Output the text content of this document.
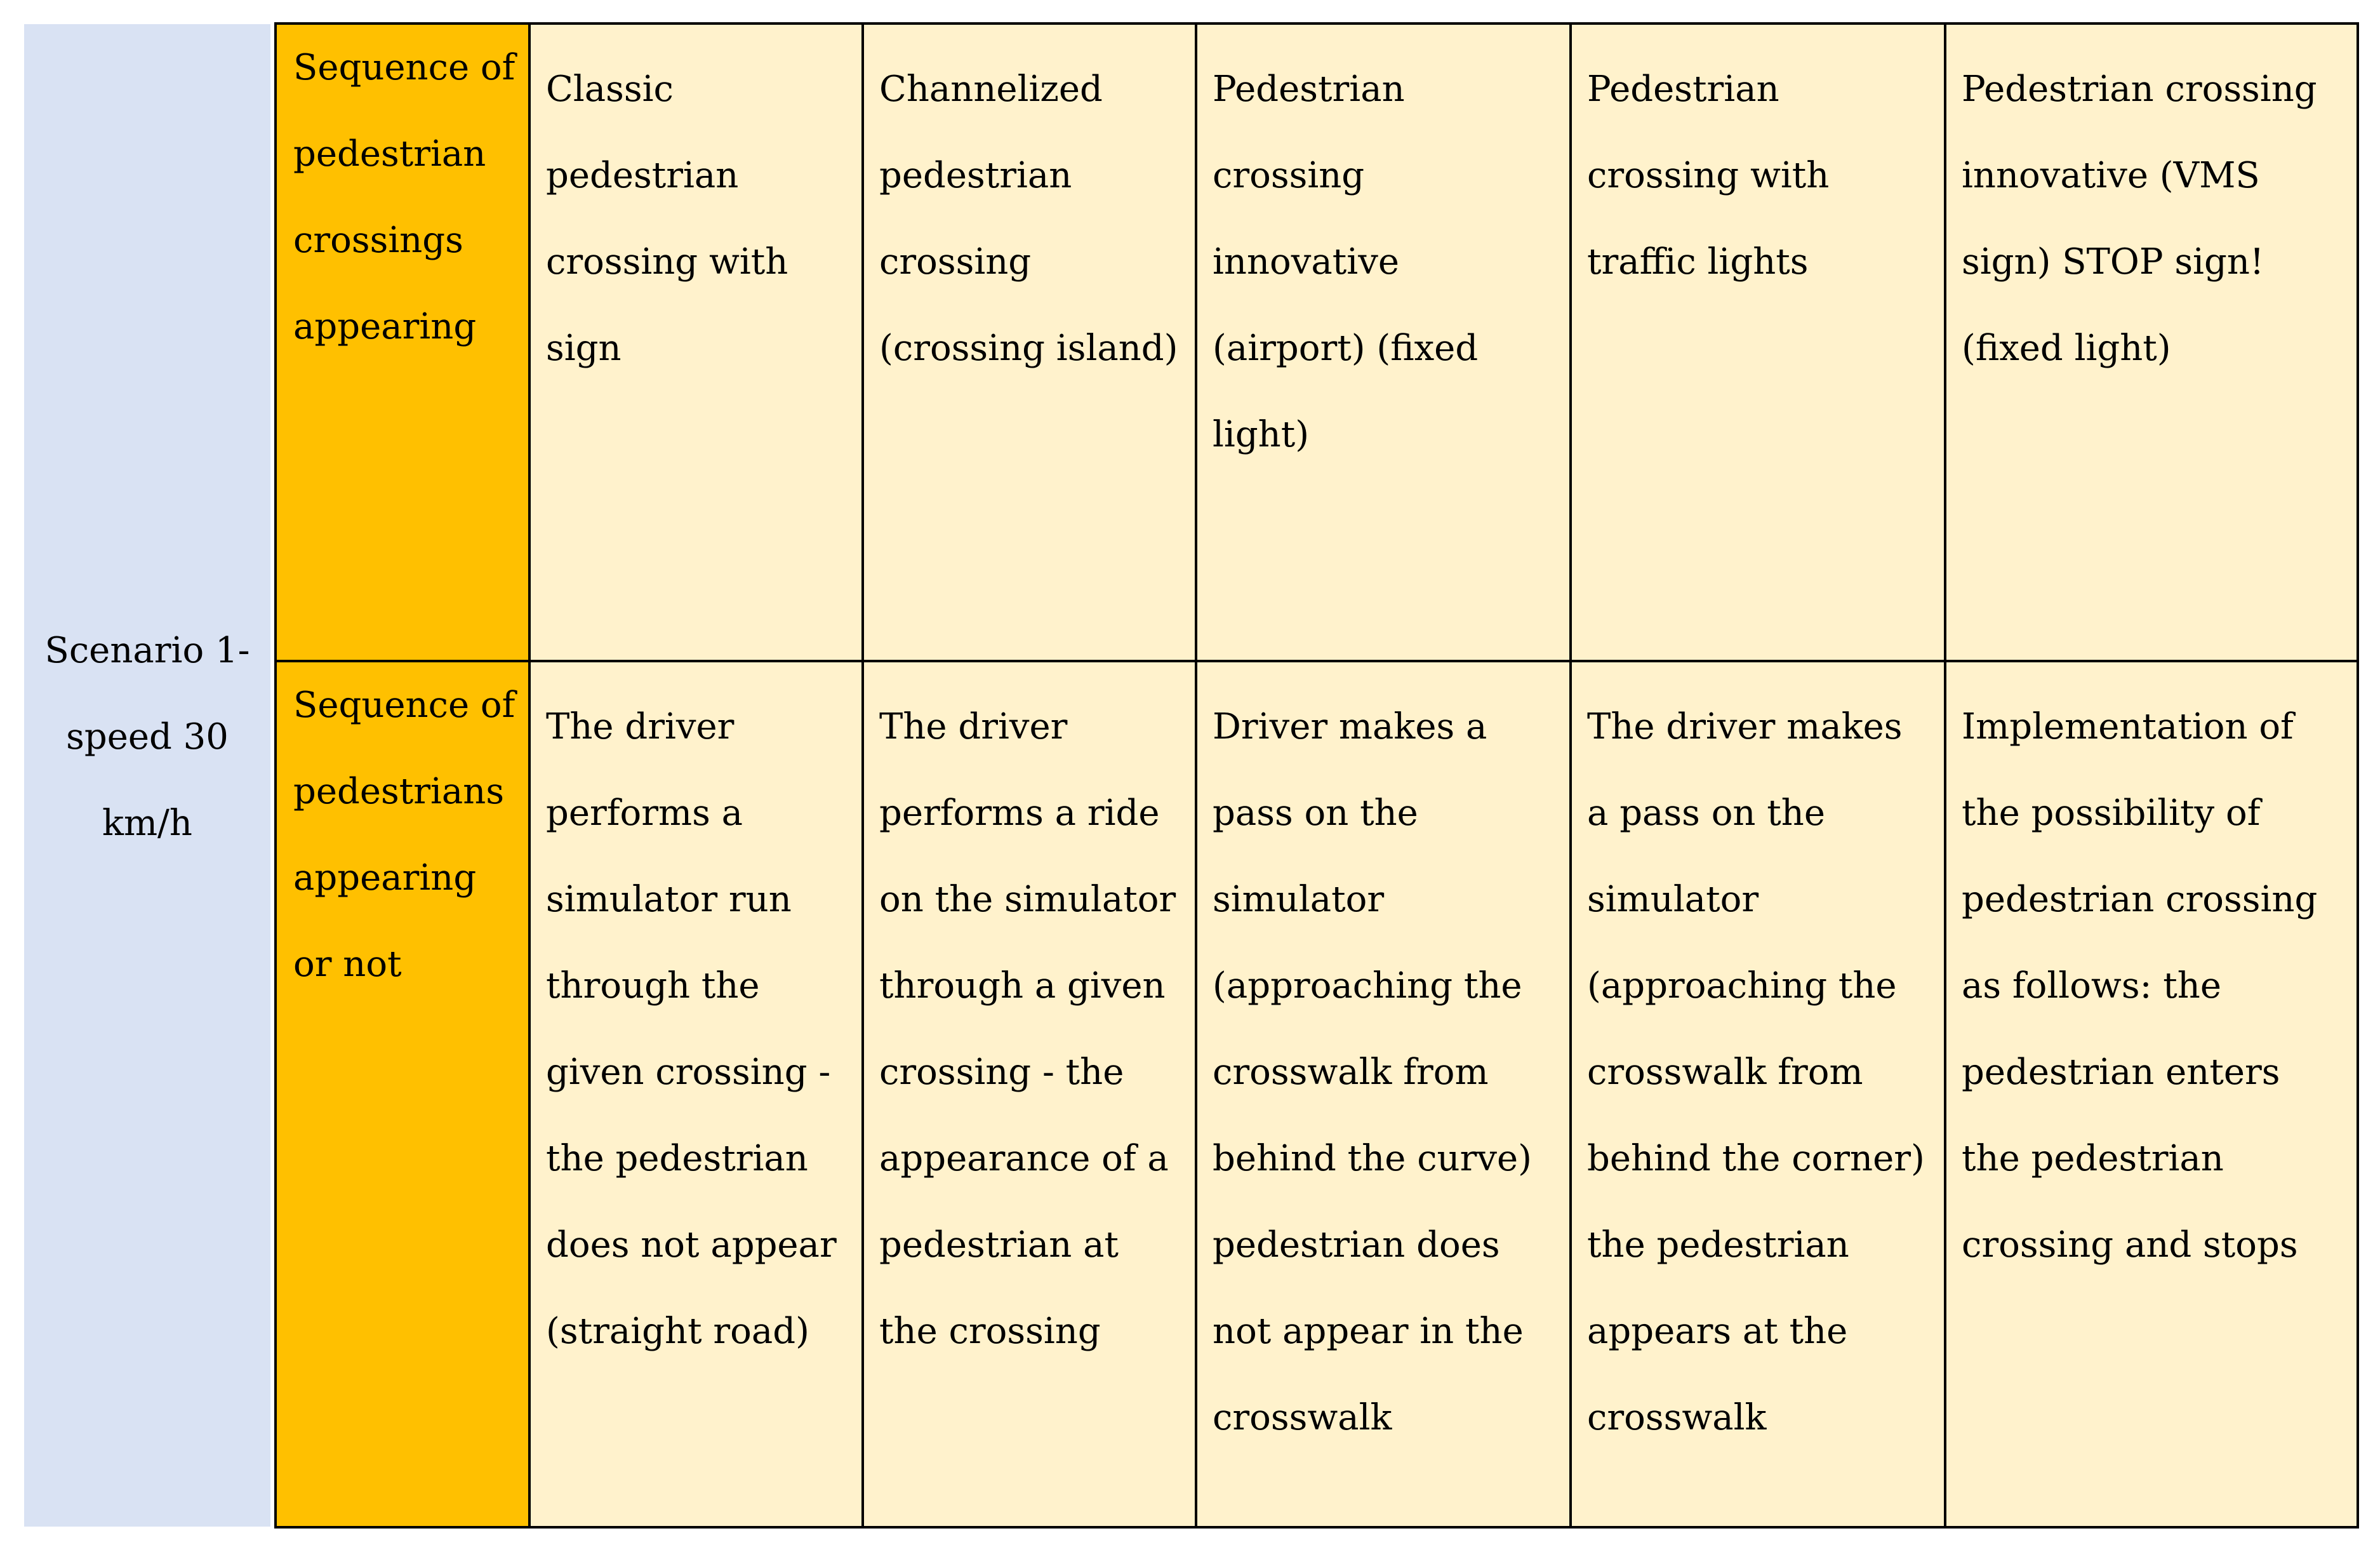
Scenario 1- speed 30 km/h
Sequence of pedestrian crossings appearing	Classic pedestrian crossing with sign	Channelized pedestrian crossing (crossing island)	Pedestrian crossing innovative (airport) (fixed light)	Pedestrian crossing with traffic lights	Pedestrian crossing innovative (VMS sign) STOP sign! (fixed light)

Sequence of pedestrians appearing or not	The driver performs a simulator run through the given crossing - the pedestrian does not appear (straight road)	The driver performs a ride on the simulator through a given crossing - the appearance of a pedestrian at the crossing	Driver makes a pass on the simulator (approaching the crosswalk from behind the curve) pedestrian does not appear in the crosswalk	The driver makes a pass on the simulator (approaching the crosswalk from behind the corner) the pedestrian appears at the crosswalk	Implementation of the possibility of pedestrian crossing as follows: the pedestrian enters the pedestrian crossing and stops
